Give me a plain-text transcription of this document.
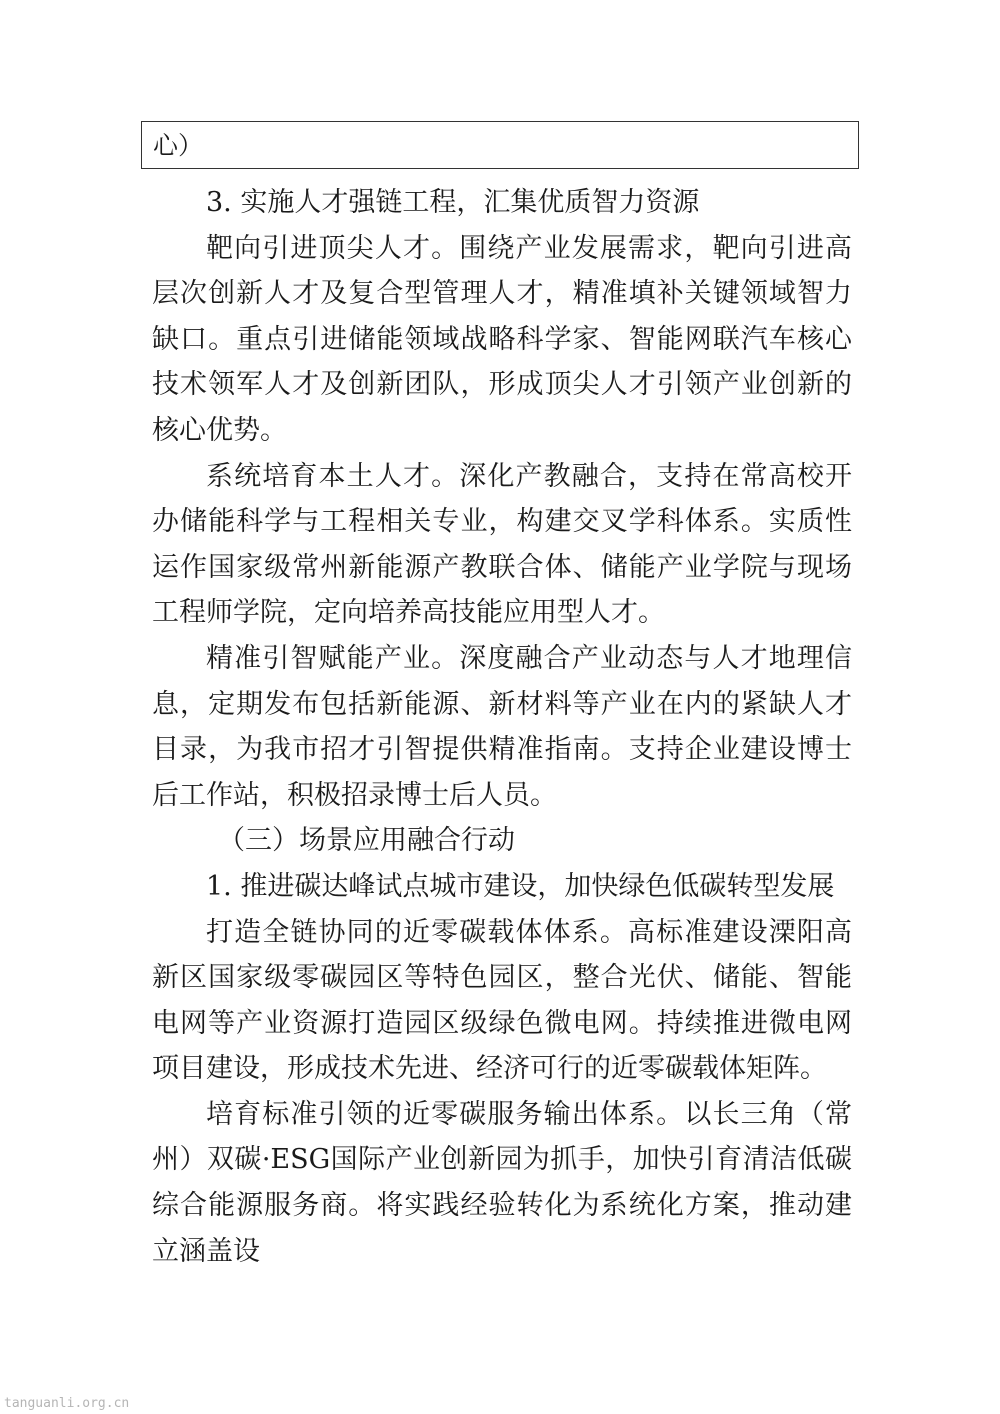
心）

3. 实施人才强链工程，汇集优质智力资源

靶向引进顶尖人才。围绕产业发展需求，靶向引进高层次创新人才及复合型管理人才，精准填补关键领域智力缺口。重点引进储能领域战略科学家、智能网联汽车核心技术领军人才及创新团队，形成顶尖人才引领产业创新的核心优势。

系统培育本土人才。深化产教融合，支持在常高校开办储能科学与工程相关专业，构建交叉学科体系。实质性运作国家级常州新能源产教联合体、储能产业学院与现场工程师学院，定向培养高技能应用型人才。

精准引智赋能产业。深度融合产业动态与人才地理信息，定期发布包括新能源、新材料等产业在内的紧缺人才目录，为我市招才引智提供精准指南。支持企业建设博士后工作站，积极招录博士后人员。

（三）场景应用融合行动

1. 推进碳达峰试点城市建设，加快绿色低碳转型发展

打造全链协同的近零碳载体体系。高标准建设溧阳高新区国家级零碳园区等特色园区，整合光伏、储能、智能电网等产业资源打造园区级绿色微电网。持续推进微电网项目建设，形成技术先进、经济可行的近零碳载体矩阵。

培育标准引领的近零碳服务输出体系。以长三角（常州）双碳·ESG国际产业创新园为抓手，加快引育清洁低碳综合能源服务商。将实践经验转化为系统化方案，推动建立涵盖设

tanguanli.org.cn
